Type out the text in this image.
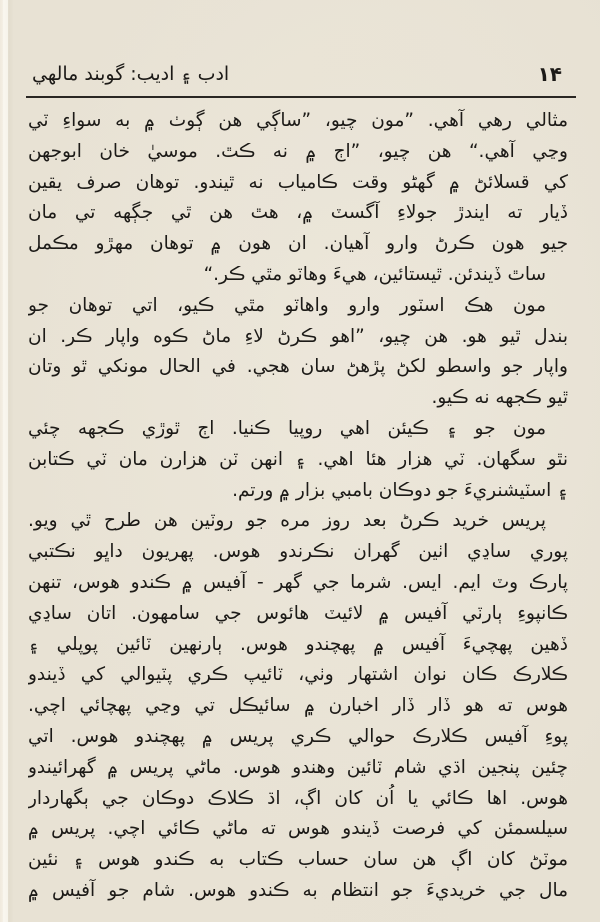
ادب ۽ اديب: گوبند مالهي	۱۴
مثالي رهي آهي. ”مون چيو، ”ساڳي هن ڳوٺ ۾ به سواءِ ٽي
وڃي آهي.“ هن چيو، ”اڄ ۾ نه ڪٿ. موسيٰ خان ابوجهن
کي قسلائڻ ۾ گهڻو وقت ڪامياب نه ٿيندو. توهان صرف يقين
ڏيار ته ايندڙ جولاءِ آگسٽ ۾، هٿ هن ٿي جڳهه تي مان
جيو هون ڪرڻ وارو آهيان. ان هون ۾ توهان مهڙو مڪمل
ساٿ ڏيندئن. ٿيستائين، هيءَ وهاٽو مٿي ڪر.“
مون هڪ اسٽور وارو واهاٽو مٿي ڪيو، اتي توهان جو
بندل ٿيو هو. هن چيو، ”اهو ڪرڻ لاءِ ماڻ ڪوه واپار ڪر. ان
واپار جو واسطو لکڻ پڙهڻ سان هجي. في الحال مونکي ٿو وتان
ٿيو ڪجهه نه ڪيو.
مون جو ۽ ڪيئن اهي روپيا ڪنيا. اڄ ٿوڙي ڪجهه چئي
نٿو سگهان. ٽي هزار هئا اهي. ۽ انهن ٽن هزارن مان ٽي ڪتابن
۽ اسٽيشنريءَ جو دوڪان بامبي بزار ۾ ورتم.
پريس خريد ڪرڻ بعد روز مره جو روٽين هن طرح ٿي ويو.
پوري ساڍي اٺين گهران نڪرندو هوس. پهريون داڀو نڪتبي
پارڪ وٽ ايم. ايس. شرما جي گهر - آفيس ۾ ڪندو هوس، تنهن
ڪانپوءِ ٻارٽي آفيس ۾ لائيٽ هائوس جي سامهون. اتان ساڍي
ڏهين پهچيءَ آفيس ۾ پهچندو هوس. ٻارنهين ٽائين پوپلي ۽
ڪلارڪ ڪان نوان اشتهار وٺي، ٽائيپ ڪري پٽيوالي کي ڏيندو
هوس ته هو ڏار ڏار اخبارن ۾ سائيڪل تي وڃي پهچائي اچي.
پوءِ آفيس ڪلارڪ حوالي ڪري پريس ۾ پهچندو هوس. اتي
چئين پنجين اڌي شام ٽائين وهندو هوس. ماڻي پريس ۾ گهرائيندو
هوس. اها ڪائي يا اُن کان اڳ، اڌ ڪلاڪ دوڪان جي ٻگهاردار
سيلسمئن کي فرصت ڏيندو هوس ته ماڻي ڪائي اچي. پريس ۾
موٽڻ کان اڳ هن سان حساب ڪتاب به ڪندو هوس ۽ نئين
مال جي خريديءَ جو انتظام به ڪندو هوس. شام جو آفيس ۾
